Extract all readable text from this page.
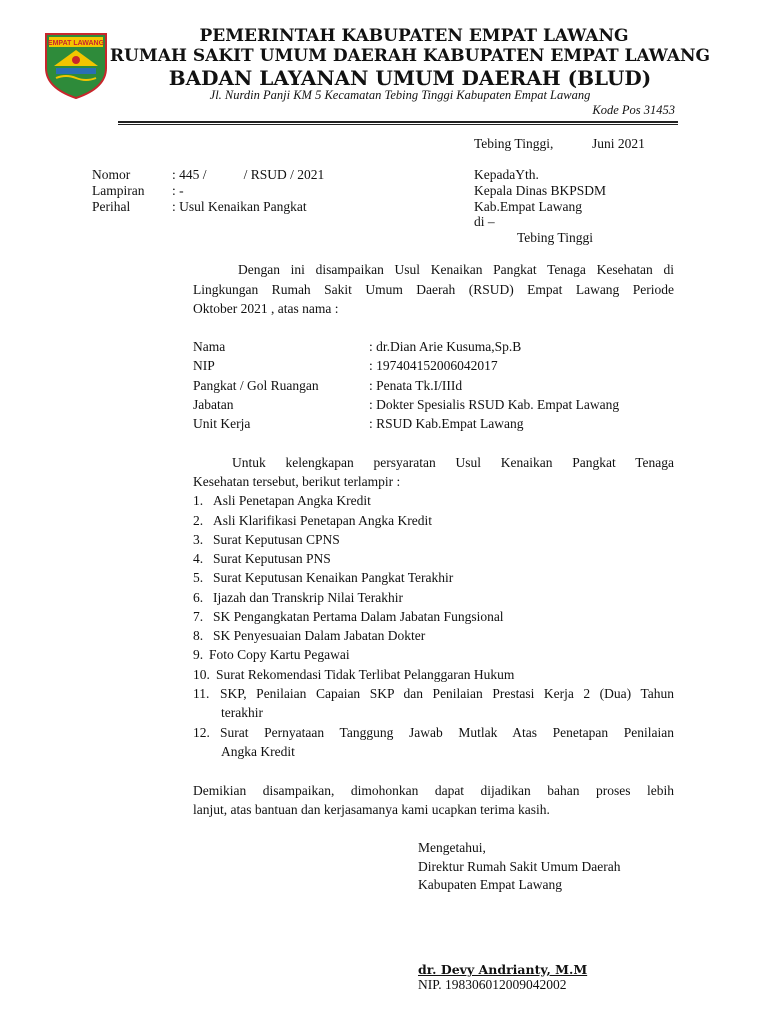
EMPAT LAWANG	PEMERINTAH KABUPATEN EMPAT LAWANG
RUMAH SAKIT UMUM DAERAH KABUPATEN EMPAT LAWANG
BADAN LAYANAN UMUM DAERAH (BLUD)
Jl. Nurdin Panji KM 5 Kecamatan Tebing Tinggi Kabupaten Empat Lawang
Kode Pos 31453
Tebing Tinggi,	Juni 2021
Nomor	: 445 /           / RSUD / 2021
Lampiran : -
Perihal	: Usul Kenaikan Pangkat
KepadaYth.
Kepala Dinas BKPSDM
Kab.Empat Lawang
di –
Tebing Tinggi
Dengan ini disampaikan Usul Kenaikan Pangkat Tenaga Kesehatan di
Lingkungan Rumah Sakit Umum Daerah (RSUD) Empat Lawang Periode
Oktober 2021 , atas nama :
Nama	: dr.Dian Arie Kusuma,Sp.B
NIP	: 197404152006042017
Pangkat / Gol Ruangan	: Penata Tk.I/IIId
Jabatan	: Dokter Spesialis RSUD Kab. Empat Lawang
Unit Kerja	: RSUD Kab.Empat Lawang
Untuk kelengkapan persyaratan Usul Kenaikan Pangkat Tenaga
Kesehatan tersebut, berikut terlampir :
1. Asli Penetapan Angka Kredit
2. Asli Klarifikasi Penetapan Angka Kredit
3. Surat Keputusan CPNS
4. Surat Keputusan PNS
5. Surat Keputusan Kenaikan Pangkat Terakhir
6. Ijazah dan Transkrip Nilai Terakhir
7. SK Pengangkatan Pertama Dalam Jabatan Fungsional
8. SK Penyesuaian Dalam Jabatan Dokter
9. Foto Copy Kartu Pegawai
10. Surat Rekomendasi Tidak Terlibat Pelanggaran Hukum
11. SKP, Penilaian Capaian SKP dan Penilaian Prestasi Kerja 2 (Dua) Tahun
terakhir
12. Surat Pernyataan Tanggung Jawab Mutlak Atas Penetapan Penilaian
Angka Kredit
Demikian disampaikan, dimohonkan dapat dijadikan bahan proses lebih
lanjut, atas bantuan dan kerjasamanya kami ucapkan terima kasih.
Mengetahui,
Direktur Rumah Sakit Umum Daerah
Kabupaten Empat Lawang
dr. Devy Andrianty, M.M
NIP. 198306012009042002
